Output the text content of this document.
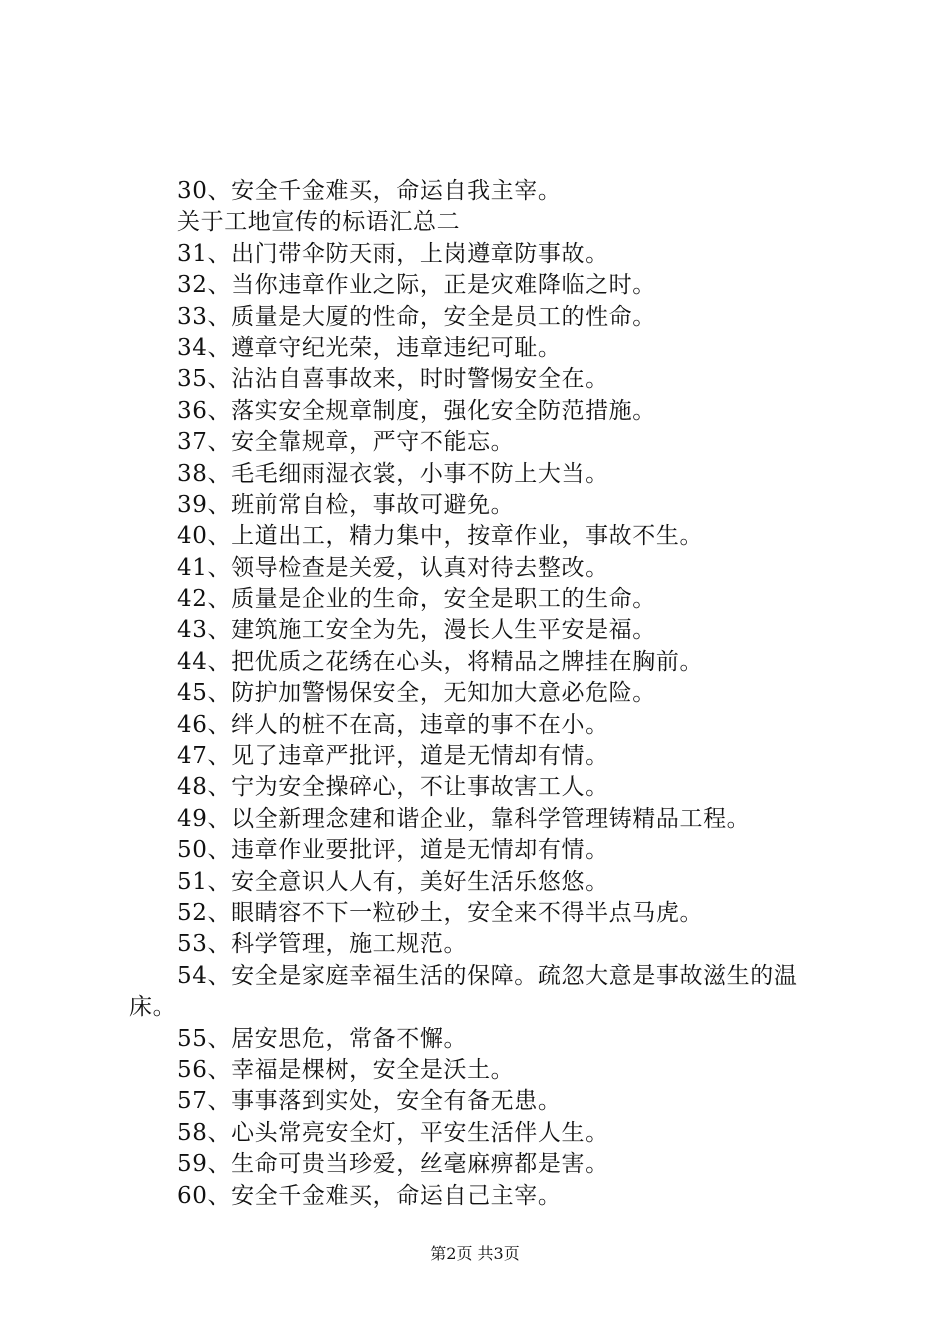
30、安全千金难买，命运自我主宰。
关于工地宣传的标语汇总二
31、出门带伞防天雨，上岗遵章防事故。
32、当你违章作业之际，正是灾难降临之时。
33、质量是大厦的性命，安全是员工的性命。
34、遵章守纪光荣，违章违纪可耻。
35、沾沾自喜事故来，时时警惕安全在。
36、落实安全规章制度，强化安全防范措施。
37、安全靠规章，严守不能忘。
38、毛毛细雨湿衣裳，小事不防上大当。
39、班前常自检，事故可避免。
40、上道出工，精力集中，按章作业，事故不生。
41、领导检查是关爱，认真对待去整改。
42、质量是企业的生命，安全是职工的生命。
43、建筑施工安全为先，漫长人生平安是福。
44、把优质之花绣在心头，将精品之牌挂在胸前。
45、防护加警惕保安全，无知加大意必危险。
46、绊人的桩不在高，违章的事不在小。
47、见了违章严批评，道是无情却有情。
48、宁为安全操碎心，不让事故害工人。
49、以全新理念建和谐企业，靠科学管理铸精品工程。
50、违章作业要批评，道是无情却有情。
51、安全意识人人有，美好生活乐悠悠。
52、眼睛容不下一粒砂土，安全来不得半点马虎。
53、科学管理，施工规范。
54、安全是家庭幸福生活的保障。疏忽大意是事故滋生的温床。
55、居安思危，常备不懈。
56、幸福是棵树，安全是沃土。
57、事事落到实处，安全有备无患。
58、心头常亮安全灯，平安生活伴人生。
59、生命可贵当珍爱，丝毫麻痹都是害。
60、安全千金难买，命运自己主宰。
第2页 共3页
